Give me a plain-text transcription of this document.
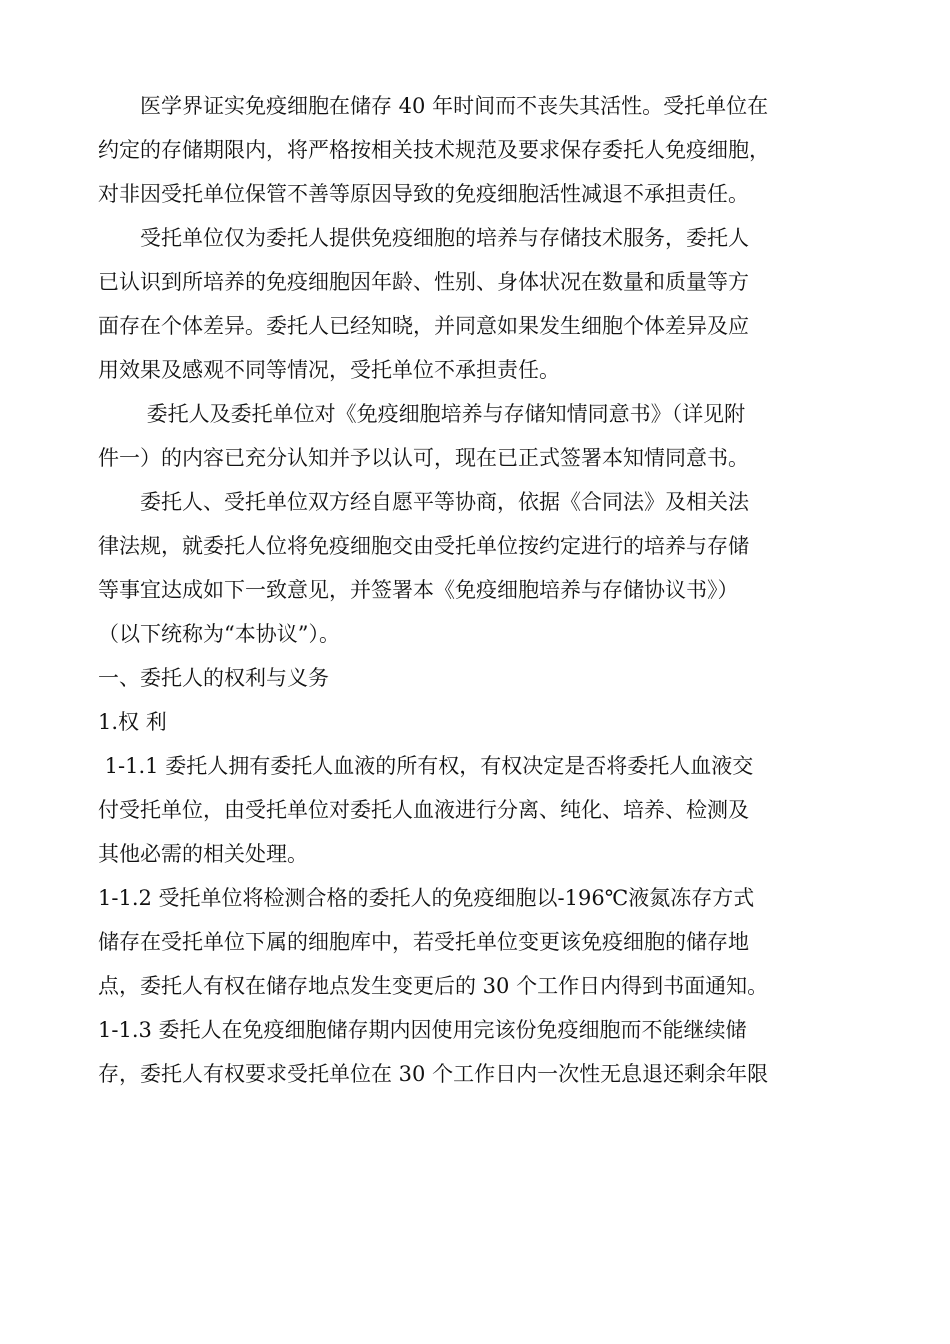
　　医学界证实免疫细胞在储存 40 年时间而不丧失其活性。受托单位在
约定的存储期限内，将严格按相关技术规范及要求保存委托人免疫细胞，
对非因受托单位保管不善等原因导致的免疫细胞活性减退不承担责任。
　　受托单位仅为委托人提供免疫细胞的培养与存储技术服务，委托人
已认识到所培养的免疫细胞因年龄、性别、身体状况在数量和质量等方
面存在个体差异。委托人已经知晓，并同意如果发生细胞个体差异及应
用效果及感观不同等情况，受托单位不承担责任。
　　 委托人及委托单位对《免疫细胞培养与存储知情同意书》（详见附
件一）的内容已充分认知并予以认可，现在已正式签署本知情同意书。
　　委托人、受托单位双方经自愿平等协商，依据《合同法》及相关法
律法规，就委托人位将免疫细胞交由受托单位按约定进行的培养与存储
等事宜达成如下一致意见，并签署本《免疫细胞培养与存储协议书》）
（以下统称为“本协议”）。
一、委托人的权利与义务
1.权 利
1-1.1 委托人拥有委托人血液的所有权，有权决定是否将委托人血液交
付受托单位，由受托单位对委托人血液进行分离、纯化、培养、检测及
其他必需的相关处理。
1-1.2 受托单位将检测合格的委托人的免疫细胞以-196℃液氮冻存方式
储存在受托单位下属的细胞库中，若受托单位变更该免疫细胞的储存地
点，委托人有权在储存地点发生变更后的 30 个工作日内得到书面通知。
1-1.3 委托人在免疫细胞储存期内因使用完该份免疫细胞而不能继续储
存，委托人有权要求受托单位在 30 个工作日内一次性无息退还剩余年限
